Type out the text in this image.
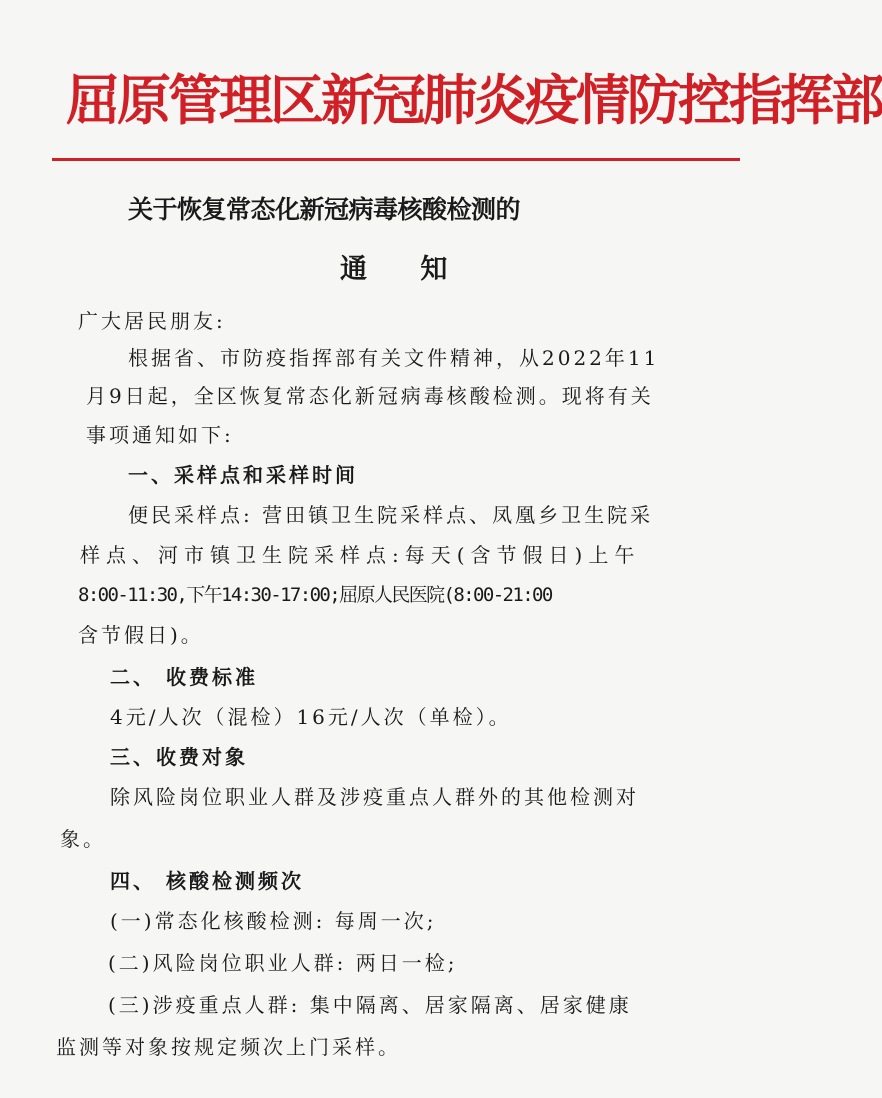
屈原管理区新冠肺炎疫情防控指挥部
关于恢复常态化新冠病毒核酸检测的
通 知
广大居民朋友:
根据省、市防疫指挥部有关文件精神，从2022年11
月9日起，全区恢复常态化新冠病毒核酸检测。现将有关
事项通知如下:
一、采样点和采样时间
便民采样点: 营田镇卫生院采样点、凤凰乡卫生院采
样点、河市镇卫生院采样点:每天(含节假日)上午
8:00-11:30,下午14:30-17:00;屈原人民医院(8:00-21:00
含节假日)。
二、 收费标准
4元/人次（混检）16元/人次（单检）。
三、收费对象
除风险岗位职业人群及涉疫重点人群外的其他检测对
象。
四、 核酸检测频次
(一)常态化核酸检测: 每周一次;
(二)风险岗位职业人群: 两日一检;
(三)涉疫重点人群: 集中隔离、居家隔离、居家健康
监测等对象按规定频次上门采样。
